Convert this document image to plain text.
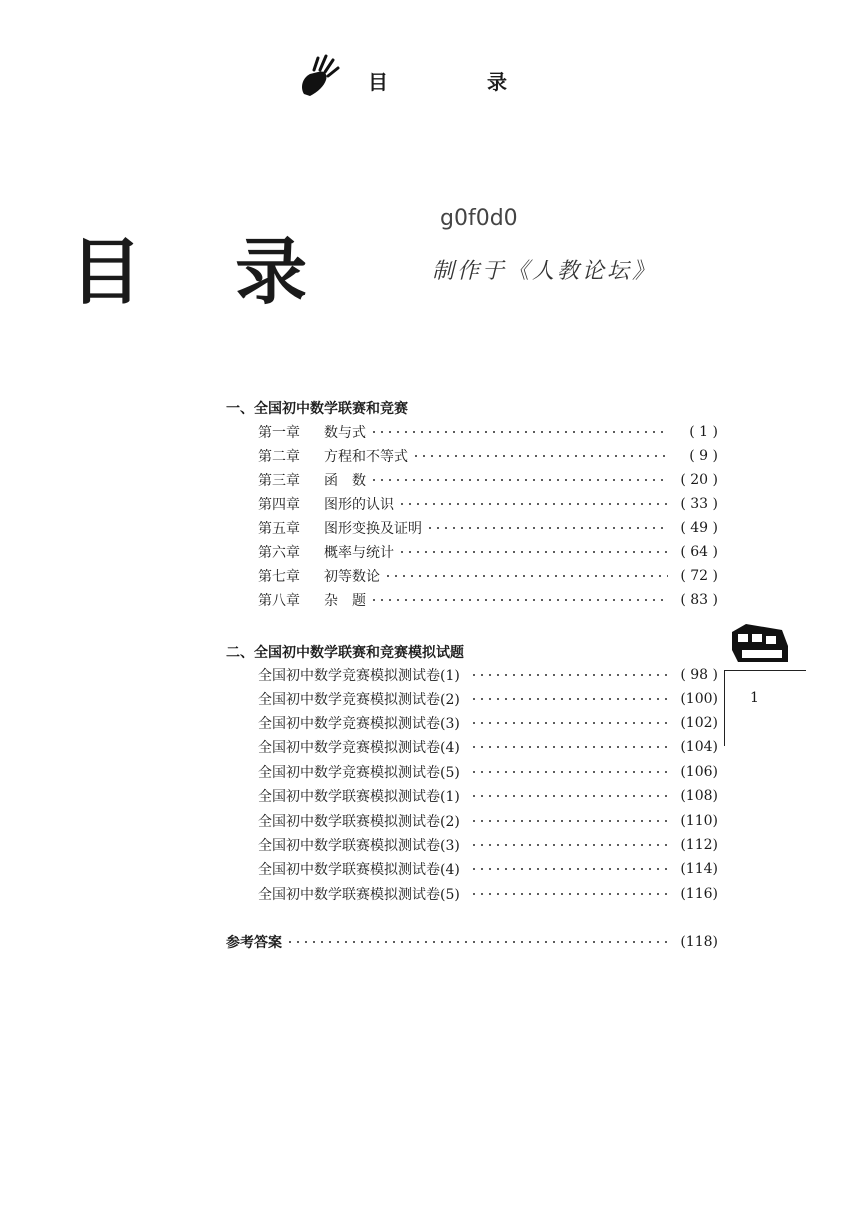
目 录
g0f0d0
目 录	制作于《人教论坛》
一、全国初中数学联赛和竞赛
第一章 数与式	( 1 )
第二章 方程和不等式	( 9 )
第三章 函　数	( 20 )
第四章 图形的认识	( 33 )
第五章 图形变换及证明	( 49 )
第六章 概率与统计	( 64 )
第七章 初等数论	( 72 )
第八章 杂　题	( 83 )
二、全国初中数学联赛和竞赛模拟试题
全国初中数学竞赛模拟测试卷(1)	( 98 )
全国初中数学竞赛模拟测试卷(2)	(100)
全国初中数学竞赛模拟测试卷(3)	(102)
全国初中数学竞赛模拟测试卷(4)	(104)
全国初中数学竞赛模拟测试卷(5)	(106)
全国初中数学联赛模拟测试卷(1)	(108)
全国初中数学联赛模拟测试卷(2)	(110)
全国初中数学联赛模拟测试卷(3)	(112)
全国初中数学联赛模拟测试卷(4)	(114)
全国初中数学联赛模拟测试卷(5)	(116)
参考答案	(118)
1
